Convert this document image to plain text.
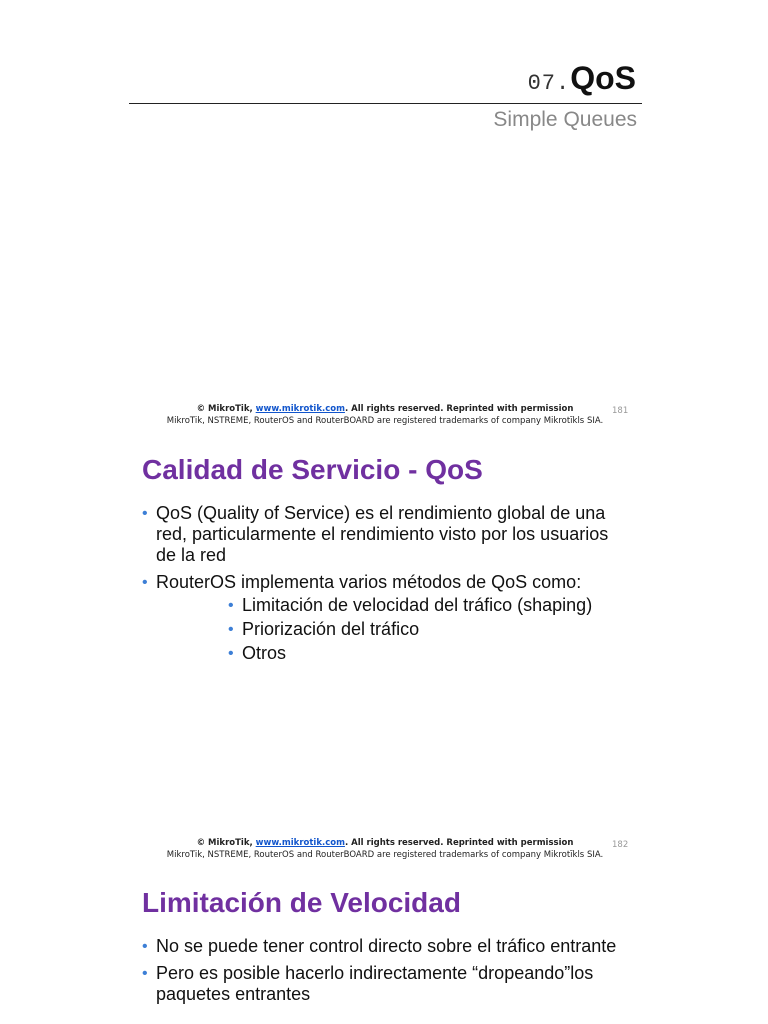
07.QoS
Simple Queues
© MikroTik, www.mikrotik.com. All rights reserved. Reprinted with permission
MikroTik, NSTREME, RouterOS and RouterBOARD are registered trademarks of company Mikrotīkls SIA.
181
Calidad de Servicio - QoS
• QoS (Quality of Service) es el rendimiento global de una red, particularmente el rendimiento visto por los usuarios de la red
• RouterOS implementa varios métodos de QoS como:
• Limitación de velocidad del tráfico (shaping)
• Priorización del tráfico
• Otros
© MikroTik, www.mikrotik.com. All rights reserved. Reprinted with permission
MikroTik, NSTREME, RouterOS and RouterBOARD are registered trademarks of company Mikrotīkls SIA.
182
Limitación de Velocidad
• No se puede tener control directo sobre el tráfico entrante
• Pero es posible hacerlo indirectamente “dropeando”los paquetes entrantes
